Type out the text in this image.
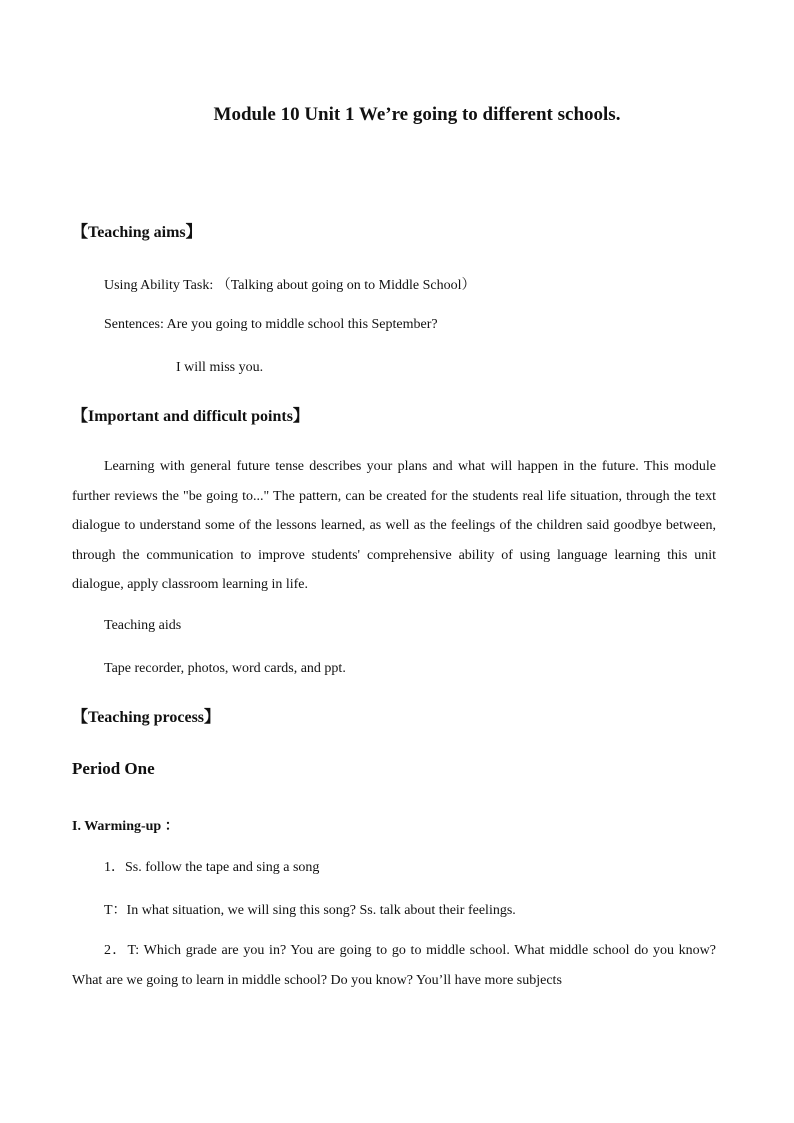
Module 10 Unit 1 We’re going to different schools.
【Teaching aims】
Using Ability Task: （Talking about going on to Middle School）
Sentences: Are you going to middle school this September?
I will miss you.
【Important and difficult points】
Learning with general future tense describes your plans and what will happen in the future. This module further reviews the "be going to..." The pattern, can be created for the students real life situation, through the text dialogue to understand some of the lessons learned, as well as the feelings of the children said goodbye between, through the communication to improve students' comprehensive ability of using language learning this unit dialogue, apply classroom learning in life.
Teaching aids
Tape recorder, photos, word cards, and ppt.
【Teaching process】
Period One
I. Warming-up ：
1．Ss. follow the tape and sing a song
T：In what situation, we will sing this song? Ss. talk about their feelings.
2．T: Which grade are you in? You are going to go to middle school. What middle school do you know? What are we going to learn in middle school? Do you know? You’ll have more subjects
